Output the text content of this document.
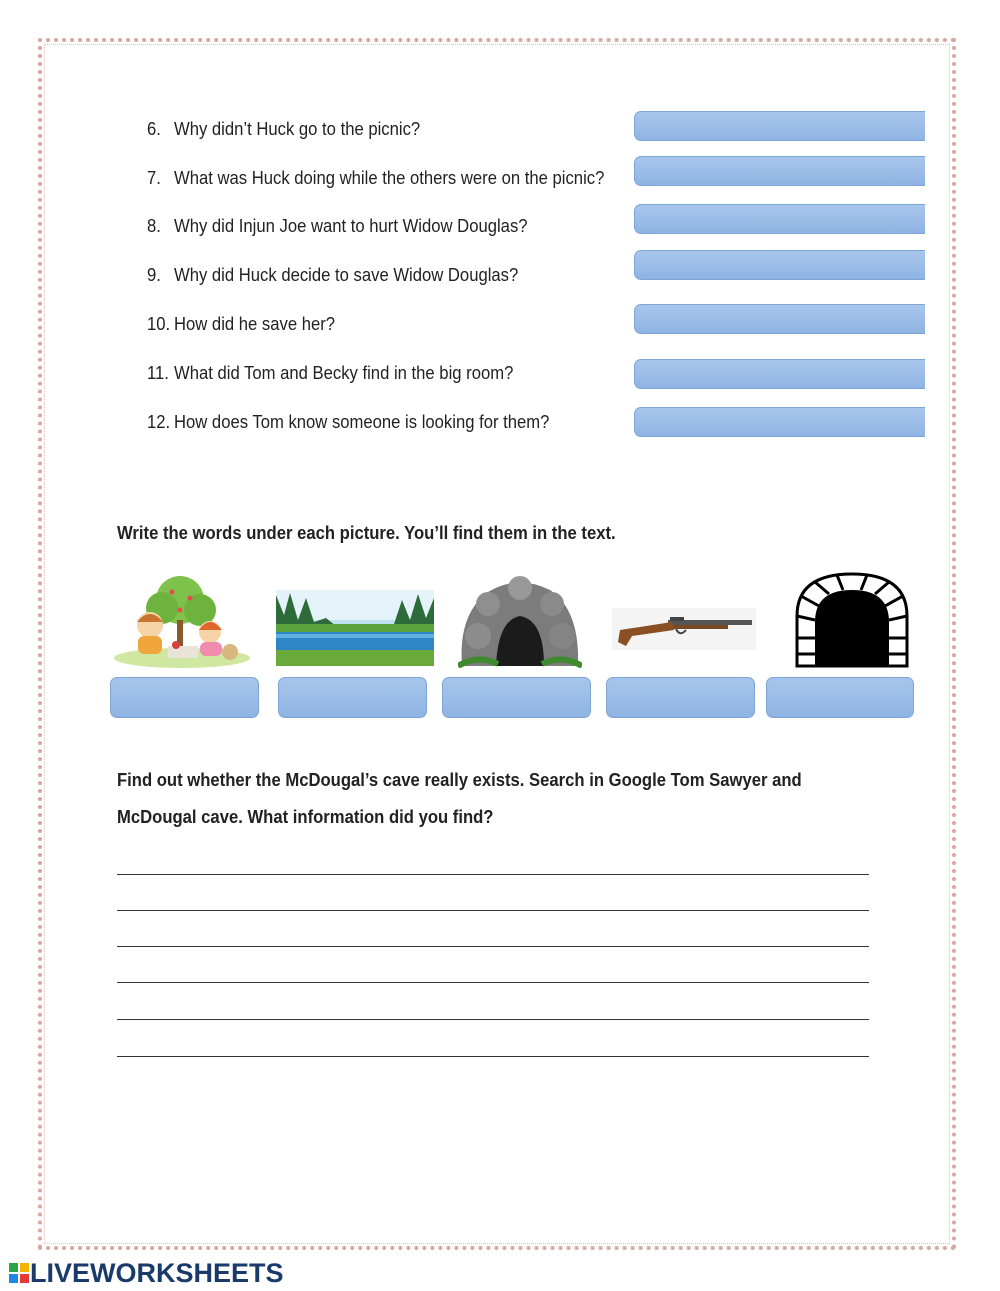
6. Why didn’t Huck go to the picnic?
7. What was Huck doing while the others were on the picnic?
8. Why did Injun Joe want to hurt Widow Douglas?
9. Why did Huck decide to save Widow Douglas?
10. How did he save her?
11. What did Tom and Becky find in the big room?
12. How does Tom know someone is looking for them?
Write the words under each picture. You’ll find them in the text.
Find out whether the McDougal’s cave really exists. Search in Google Tom Sawyer and
McDougal cave. What information did you find?
LIVEWORKSHEETS
